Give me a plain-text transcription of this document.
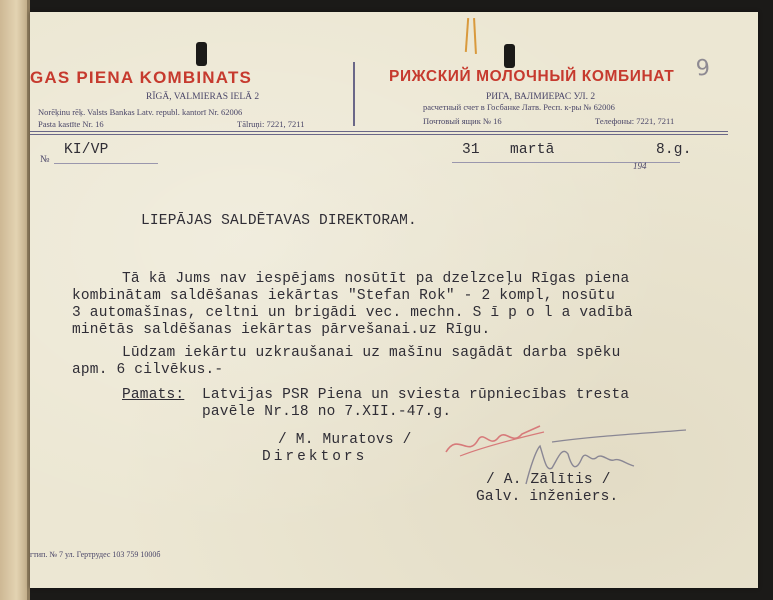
GAS PIENA KOMBINATS
RĪGĀ, VALMIERAS IELĀ 2
Norēķinu rēķ. Valsts Bankas Latv. republ. kantorī Nr. 62006
Pasta kastīte Nr. 16	Tālruņi: 7221, 7211
РИЖСКИЙ МОЛОЧНЫЙ КОМБИНАТ
РИГА, ВАЛМИЕРАС УЛ. 2
расчетный счет в Госбанке Латв. Респ. к-ры № 62006
Почтовый ящик № 16	Телефоны: 7221, 7211
9
№
KI/VP	31 martā
194
8.g.
LIEPĀJAS SALDĒTAVAS DIREKTORAM.
Tā kā Jums nav iespējams nosūtīt pa dzelzceļu Rīgas piena
kombinātam saldēšanas iekārtas "Stefan Rok" - 2 kompl, nosūtu
3 automašīnas, celtni un brigādi vec. mechn. S ī p o l a vadībā
minētās saldēšanas iekārtas pārvešanai.uz Rīgu.
Lūdzam iekārtu uzkraušanai uz mašīnu sagādāt darba spēku
apm. 6 cilvēkus.-
Pamats: Latvijas PSR Piena un sviesta rūpniecības tresta
pavēle Nr.18 no 7.XII.-47.g.
/ M. Muratovs /
Direktors
/ A. Zālītis /
Galv. inženiers.
гтип. № 7 ул. Гертрудес 103 759 1000б
